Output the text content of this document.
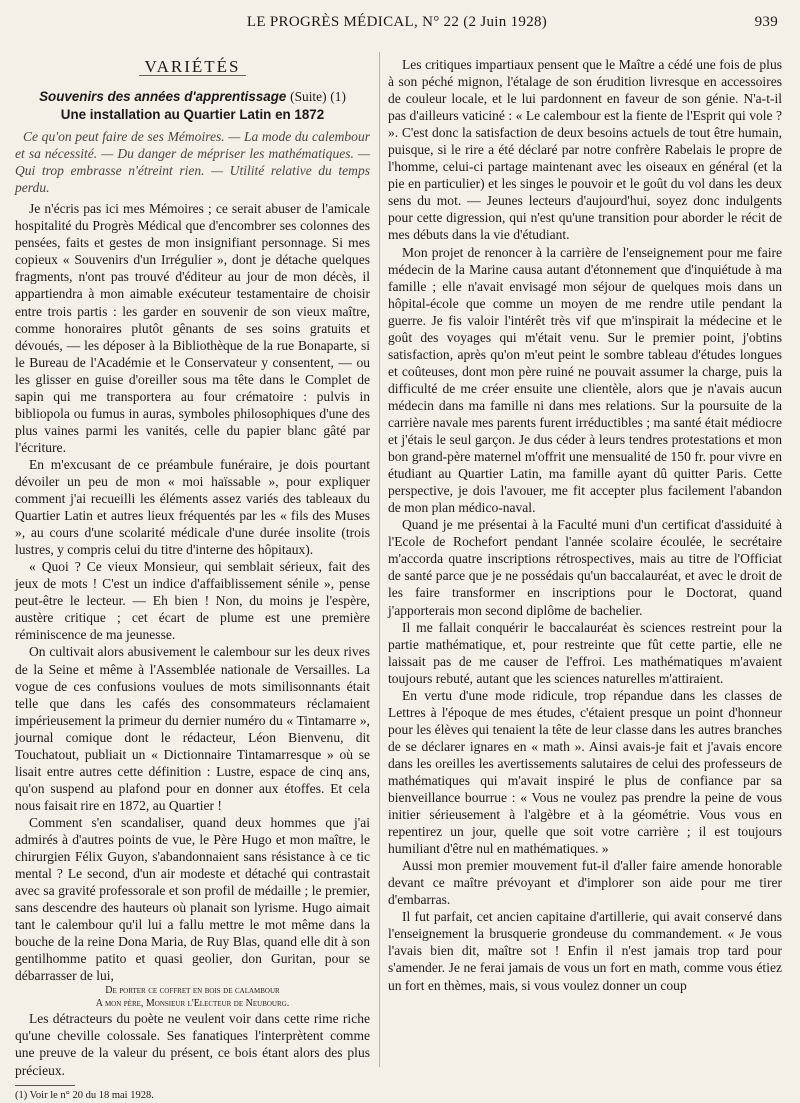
LE PROGRÈS MÉDICAL, N° 22 (2 Juin 1928)	939
VARIÉTÉS
Souvenirs des années d'apprentissage (Suite) (1)
Une installation au Quartier Latin en 1872

Ce qu'on peut faire de ses Mémoires. — La mode du calembour et sa nécessité. — Du danger de mépriser les mathématiques. — Qui trop embrasse n'étreint rien. — Utilité relative du temps perdu.

Je n'écris pas ici mes Mémoires ; ce serait abuser de l'amicale hospitalité du Progrès Médical que d'encombrer ses colonnes des pensées, faits et gestes de mon insignifiant personnage. Si mes copieux « Souvenirs d'un Irrégulier », dont je détache quelques fragments, n'ont pas trouvé d'éditeur au jour de mon décès, il appartiendra à mon aimable exécuteur testamentaire de choisir entre trois partis : les garder en souvenir de son vieux maître, comme honoraires plutôt gênants de ses soins gratuits et dévoués, — les déposer à la Bibliothèque de la rue Bonaparte, si le Bureau de l'Académie et le Conservateur y consentent, — ou les glisser en guise d'oreiller sous ma tête dans le Complet de sapin qui me transportera au four crématoire : pulvis in bibliopola ou fumus in auras, symboles philosophiques d'une des plus vaines parmi les vanités, celle du papier blanc gâté par l'écriture.

En m'excusant de ce préambule funéraire, je dois pourtant dévoiler un peu de mon « moi haïssable », pour expliquer comment j'ai recueilli les éléments assez variés des tableaux du Quartier Latin et autres lieux fréquentés par les « fils des Muses », au cours d'une scolarité médicale d'une durée insolite (trois lustres, y compris celui du titre d'interne des hôpitaux).

« Quoi ? Ce vieux Monsieur, qui semblait sérieux, fait des jeux de mots ! C'est un indice d'affaiblissement sénile », pense peut-être le lecteur. — Eh bien ! Non, du moins je l'espère, austère critique ; cet écart de plume est une première réminiscence de ma jeunesse.

On cultivait alors abusivement le calembour sur les deux rives de la Seine et même à l'Assemblée nationale de Versailles. La vogue de ces confusions voulues de mots similisonnants était telle que dans les cafés des consommateurs réclamaient impérieusement la primeur du dernier numéro du « Tintamarre », journal comique dont le rédacteur, Léon Bienvenu, dit Touchatout, publiait un « Dictionnaire Tintamarresque » où se lisait entre autres cette définition : Lustre, espace de cinq ans, qu'on suspend au plafond pour en donner aux étoffes. Et cela nous faisait rire en 1872, au Quartier !

Comment s'en scandaliser, quand deux hommes que j'ai admirés à d'autres points de vue, le Père Hugo et mon maître, le chirurgien Félix Guyon, s'abandonnaient sans résistance à ce tic mental ? Le second, d'un air modeste et détaché qui contrastait avec sa gravité professorale et son profil de médaille ; le premier, sans descendre des hauteurs où planait son lyrisme. Hugo aimait tant le calembour qu'il lui a fallu mettre le mot même dans la bouche de la reine Dona Maria, de Ruy Blas, quand elle dit à son gentilhomme patito et quasi geolier, don Guritan, pour se débarrasser de lui,

De porter ce coffret en bois de calambour
A mon père, Monsieur l'Electeur de Neubourg.

Les détracteurs du poète ne veulent voir dans cette rime riche qu'une cheville colossale. Ses fanatiques l'interprètent comme une preuve de la valeur du présent, ce bois étant alors des plus précieux.

(1) Voir le n° 20 du 18 mai 1928.

Les critiques impartiaux pensent que le Maître a cédé une fois de plus à son péché mignon, l'étalage de son érudition livresque en accessoires de couleur locale, et le lui pardonnent en faveur de son génie. N'a-t-il pas d'ailleurs vaticiné : « Le calembour est la fiente de l'Esprit qui vole ? ». C'est donc la satisfaction de deux besoins actuels de tout être humain, puisque, si le rire a été déclaré par notre confrère Rabelais le propre de l'homme, celui-ci partage maintenant avec les oiseaux en général (et la pie en particulier) et les singes le pouvoir et le goût du vol dans les deux sens du mot. — Jeunes lecteurs d'aujourd'hui, soyez donc indulgents pour cette digression, qui n'est qu'une transition pour aborder le récit de mes débuts dans la vie d'étudiant.

Mon projet de renoncer à la carrière de l'enseignement pour me faire médecin de la Marine causa autant d'étonnement que d'inquiétude à ma famille ; elle n'avait envisagé mon séjour de quelques mois dans un hôpital-école que comme un moyen de me rendre utile pendant la guerre. Je fis valoir l'intérêt très vif que m'inspirait la médecine et le goût des voyages qui m'était venu. Sur le premier point, j'obtins satisfaction, après qu'on m'eut peint le sombre tableau d'études longues et coûteuses, dont mon père ruiné ne pouvait assumer la charge, puis la difficulté de me créer ensuite une clientèle, alors que je n'avais aucun médecin dans ma famille ni dans mes relations. Sur la poursuite de la carrière navale mes parents furent irréductibles ; ma santé était médiocre et j'étais le seul garçon. Je dus céder à leurs tendres protestations et mon bon grand-père maternel m'offrit une mensualité de 150 fr. pour vivre en étudiant au Quartier Latin, ma famille ayant dû quitter Paris. Cette perspective, je dois l'avouer, me fit accepter plus facilement l'abandon de mon plan médico-naval.

Quand je me présentai à la Faculté muni d'un certificat d'assiduité à l'Ecole de Rochefort pendant l'année scolaire écoulée, le secrétaire m'accorda quatre inscriptions rétrospectives, mais au titre de l'Officiat de santé parce que je ne possédais qu'un baccalauréat, et avec le droit de les faire transformer en inscriptions pour le Doctorat, quand j'apporterais mon second diplôme de bachelier.

Il me fallait conquérir le baccalauréat ès sciences restreint pour la partie mathématique, et, pour restreinte que fût cette partie, elle ne laissait pas de me causer de l'effroi. Les mathématiques m'avaient toujours rebuté, autant que les sciences naturelles m'attiraient.

En vertu d'une mode ridicule, trop répandue dans les classes de Lettres à l'époque de mes études, c'étaient presque un point d'honneur pour les élèves qui tenaient la tête de leur classe dans les autres branches de se déclarer ignares en « math ». Ainsi avais-je fait et j'avais encore dans les oreilles les avertissements salutaires de celui des professeurs de mathématiques qui m'avait inspiré le plus de confiance par sa bienveillance bourrue : « Vous ne voulez pas prendre la peine de vous initier sérieusement à l'algèbre et à la géométrie. Vous vous en repentirez un jour, quelle que soit votre carrière ; il est toujours humiliant d'être nul en mathématiques. »

Aussi mon premier mouvement fut-il d'aller faire amende honorable devant ce maître prévoyant et d'implorer son aide pour me tirer d'embarras.

Il fut parfait, cet ancien capitaine d'artillerie, qui avait conservé dans l'enseignement la brusquerie grondeuse du commandement. « Je vous l'avais bien dit, maître sot ! Enfin il n'est jamais trop tard pour s'amender. Je ne ferai jamais de vous un fort en math, comme vous étiez un fort en thèmes, mais, si vous voulez donner un coup
